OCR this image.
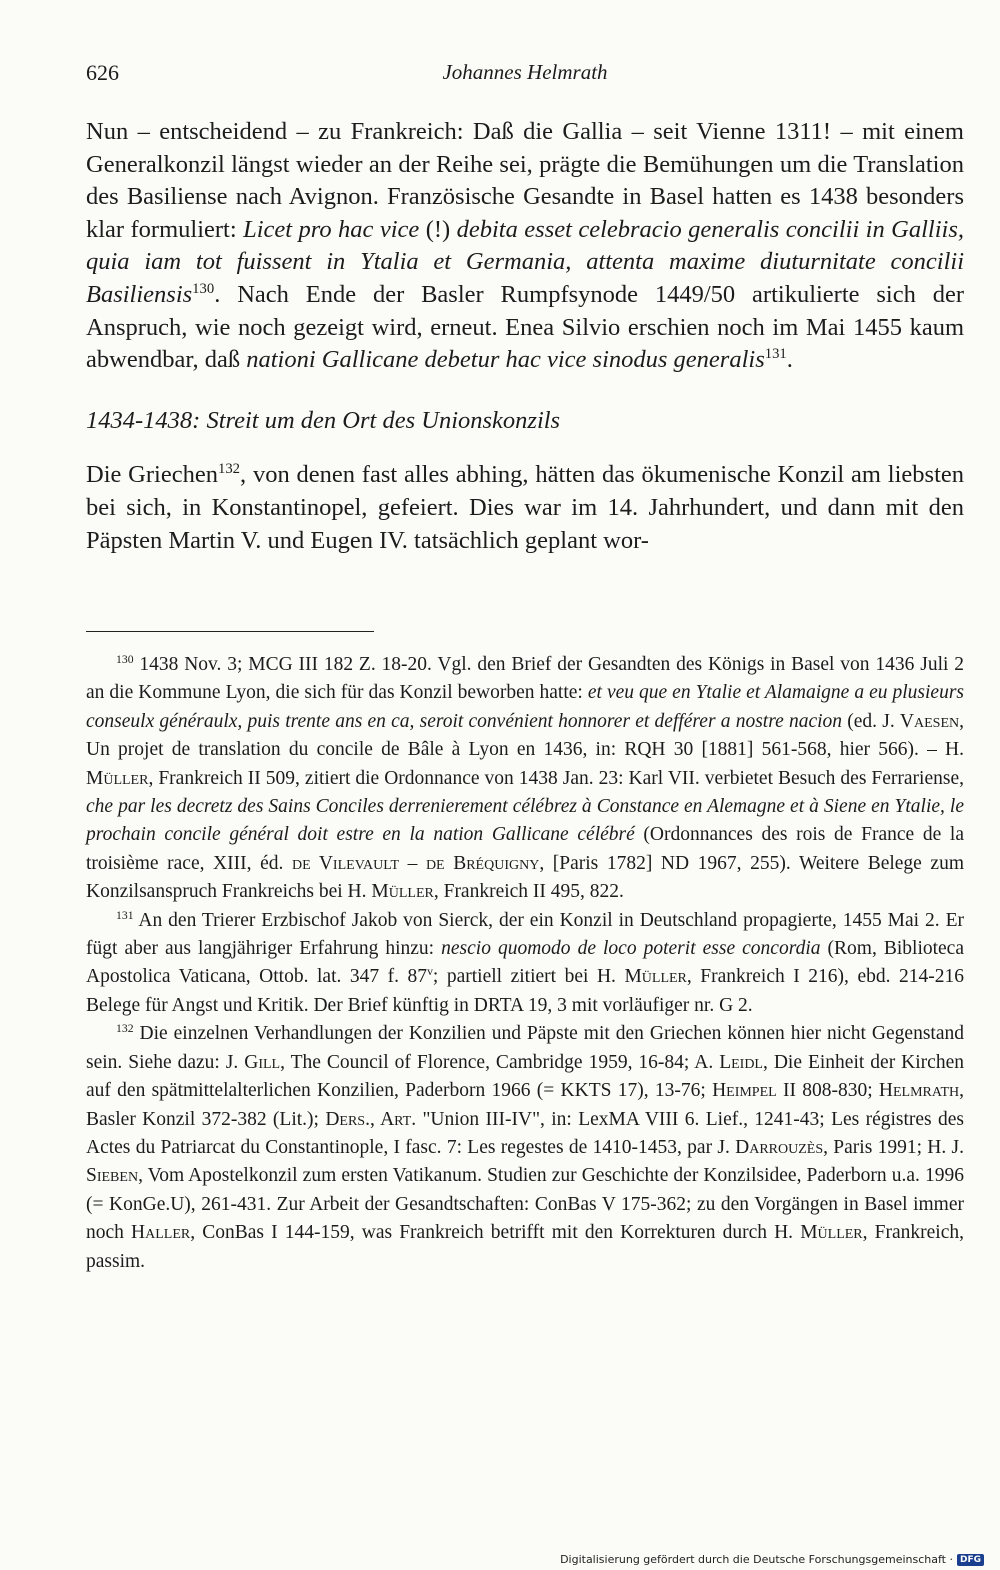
626	Johannes Helmrath

Nun – entscheidend – zu Frankreich: Daß die Gallia – seit Vienne 1311! – mit einem Generalkonzil längst wieder an der Reihe sei, prägte die Bemühungen um die Translation des Basiliense nach Avignon. Französische Gesandte in Basel hatten es 1438 besonders klar formuliert: Licet pro hac vice (!) debita esset celebracio generalis concilii in Galliis, quia iam tot fuissent in Ytalia et Germania, attenta maxime diuturnitate concilii Basiliensis$^{130}$. Nach Ende der Basler Rumpfsynode 1449/50 artikulierte sich der Anspruch, wie noch gezeigt wird, erneut. Enea Silvio erschien noch im Mai 1455 kaum abwendbar, daß nationi Gallicane debetur hac vice sinodus generalis$^{131}$.

1434-1438: Streit um den Ort des Unionskonzils

Die Griechen$^{132}$, von denen fast alles abhing, hätten das ökumenische Konzil am liebsten bei sich, in Konstantinopel, gefeiert. Dies war im 14. Jahrhundert, und dann mit den Päpsten Martin V. und Eugen IV. tatsächlich geplant wor-

$^{130}$ 1438 Nov. 3; MCG III 182 Z. 18-20. Vgl. den Brief der Gesandten des Königs in Basel von 1436 Juli 2 an die Kommune Lyon, die sich für das Konzil beworben hatte: et veu que en Ytalie et Alamaigne a eu plusieurs conseulx généraulx, puis trente ans en ca, seroit convénient honnorer et defférer a nostre nacion (ed. J. Vaesen, Un projet de translation du concile de Bâle à Lyon en 1436, in: RQH 30 [1881] 561-568, hier 566). – H. Müller, Frankreich II 509, zitiert die Ordonnance von 1438 Jan. 23: Karl VII. verbietet Besuch des Ferrariense, che par les decretz des Sains Conciles derrenierement célébrez à Constance en Alemagne et à Siene en Ytalie, le prochain concile général doit estre en la nation Gallicane célébré (Ordonnances des rois de France de la troisième race, XIII, éd. de Vilevault – de Bréquigny, [Paris 1782] ND 1967, 255). Weitere Belege zum Konzilsanspruch Frankreichs bei H. Müller, Frankreich II 495, 822.

$^{131}$ An den Trierer Erzbischof Jakob von Sierck, der ein Konzil in Deutschland propagierte, 1455 Mai 2. Er fügt aber aus langjähriger Erfahrung hinzu: nescio quomodo de loco poterit esse concordia (Rom, Biblioteca Apostolica Vaticana, Ottob. lat. 347 f. 87$^v$; partiell zitiert bei H. Müller, Frankreich I 216), ebd. 214-216 Belege für Angst und Kritik. Der Brief künftig in DRTA 19, 3 mit vorläufiger nr. G 2.

$^{132}$ Die einzelnen Verhandlungen der Konzilien und Päpste mit den Griechen können hier nicht Gegenstand sein. Siehe dazu: J. Gill, The Council of Florence, Cambridge 1959, 16-84; A. Leidl, Die Einheit der Kirchen auf den spätmittelalterlichen Konzilien, Paderborn 1966 (= KKTS 17), 13-76; Heimpel II 808-830; Helmrath, Basler Konzil 372-382 (Lit.); Ders., Art. "Union III-IV", in: LexMA VIII 6. Lief., 1241-43; Les régistres des Actes du Patriarcat du Constantinople, I fasc. 7: Les regestes de 1410-1453, par J. Darrouzès, Paris 1991; H. J. Sieben, Vom Apostelkonzil zum ersten Vatikanum. Studien zur Geschichte der Konzilsidee, Paderborn u.a. 1996 (= KonGe.U), 261-431. Zur Arbeit der Gesandtschaften: ConBas V 175-362; zu den Vorgängen in Basel immer noch Haller, ConBas I 144-159, was Frankreich betrifft mit den Korrekturen durch H. Müller, Frankreich, passim.

Digitalisierung gefördert durch die Deutsche Forschungsgemeinschaft · DFG
